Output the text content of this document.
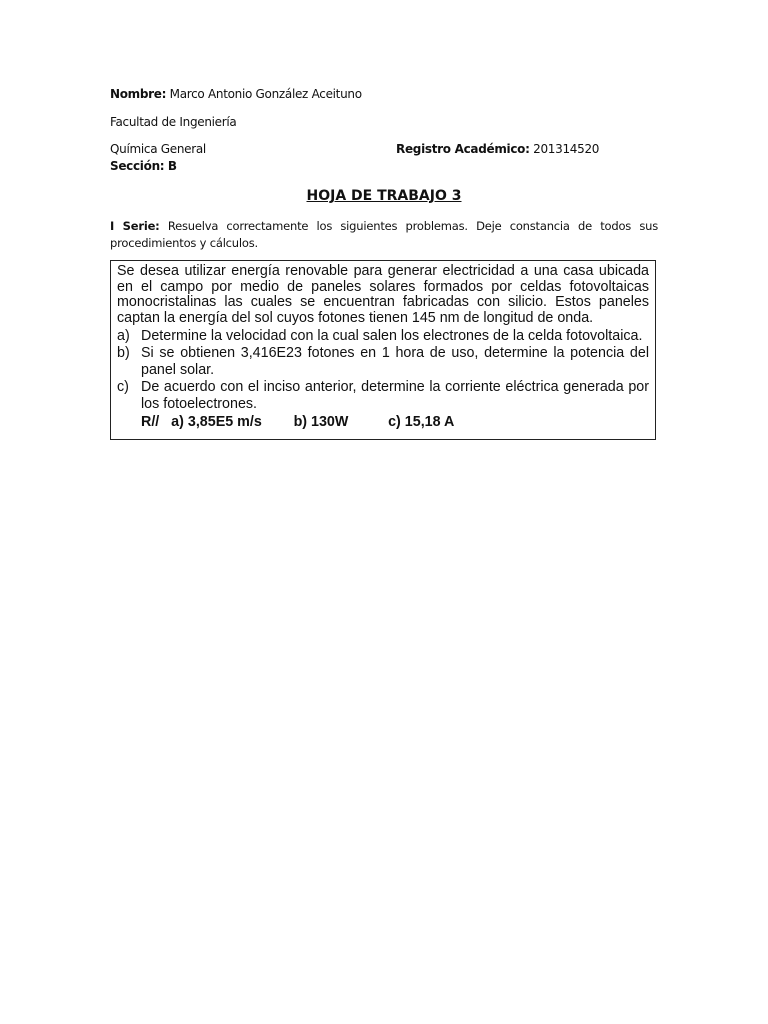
Nombre: Marco Antonio González Aceituno
Facultad de Ingeniería
Química General	Registro Académico: 201314520
Sección: B
HOJA DE TRABAJO 3
I Serie: Resuelva correctamente los siguientes problemas. Deje constancia de todos sus procedimientos y cálculos.
Se desea utilizar energía renovable para generar electricidad a una casa ubicada en el campo por medio de paneles solares formados por celdas fotovoltaicas monocristalinas las cuales se encuentran fabricadas con silicio. Estos paneles captan la energía del sol cuyos fotones tienen 145 nm de longitud de onda.
a) Determine la velocidad con la cual salen los electrones de la celda fotovoltaica.
b) Si se obtienen 3,416E23 fotones en 1 hora de uso, determine la potencia del panel solar.
c) De acuerdo con el inciso anterior, determine la corriente eléctrica generada por los fotoelectrones.
R//   a) 3,85E5 m/s        b) 130W          c) 15,18 A
